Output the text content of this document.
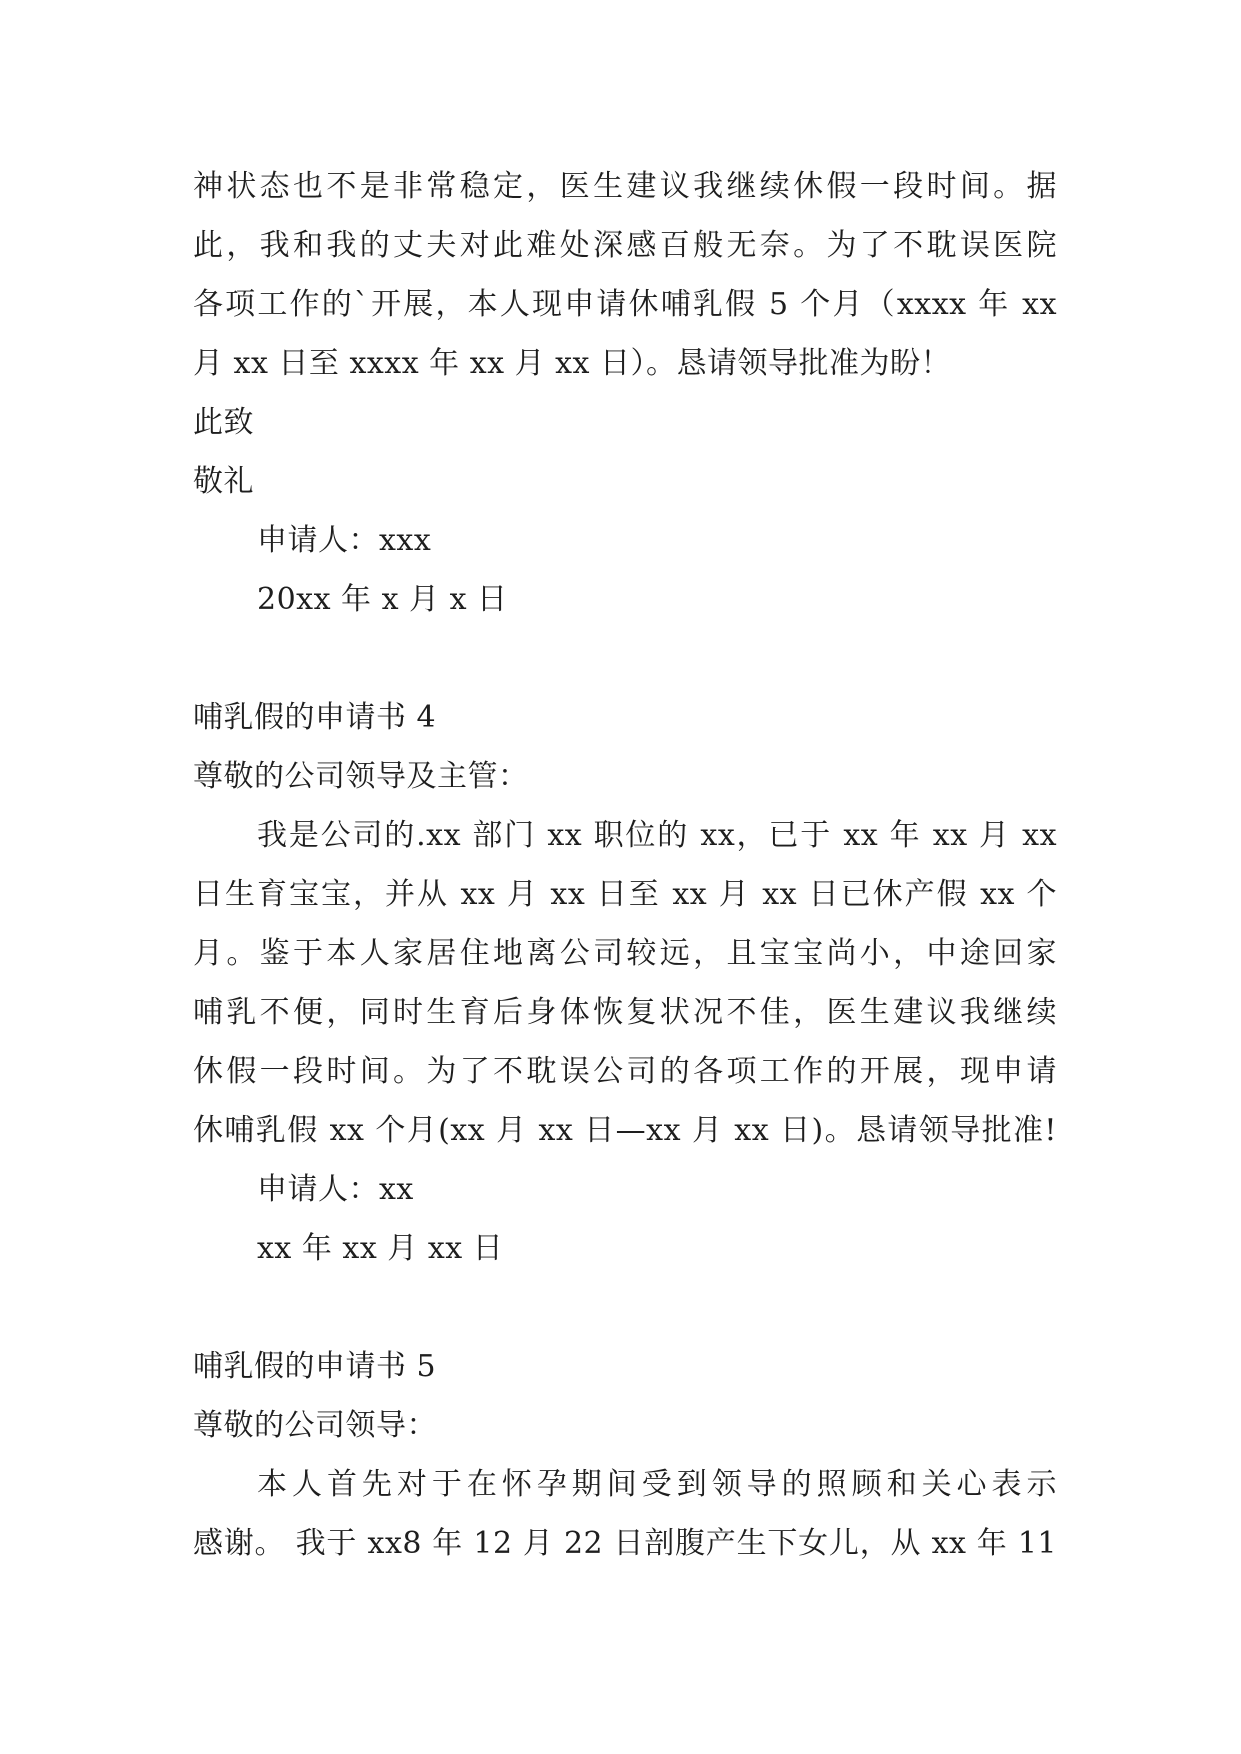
神状态也不是非常稳定，医生建议我继续休假一段时间。据
此，我和我的丈夫对此难处深感百般无奈。为了不耽误医院
各项工作的`开展，本人现申请休哺乳假 5 个月（xxxx 年 xx
月 xx 日至 xxxx 年 xx 月 xx 日）。恳请领导批准为盼！
此致
敬礼
申请人：xxx
20xx 年 x 月 x 日
哺乳假的申请书 4
尊敬的公司领导及主管：
我是公司的.xx 部门 xx 职位的 xx，已于 xx 年 xx 月 xx
日生育宝宝，并从 xx 月 xx 日至 xx 月 xx 日已休产假 xx 个
月。鉴于本人家居住地离公司较远，且宝宝尚小，中途回家
哺乳不便，同时生育后身体恢复状况不佳，医生建议我继续
休假一段时间。为了不耽误公司的各项工作的开展，现申请
休哺乳假 xx 个月(xx 月 xx 日—xx 月 xx 日)。恳请领导批准!
申请人：xx
xx 年 xx 月 xx 日
哺乳假的申请书 5
尊敬的公司领导：
本人首先对于在怀孕期间受到领导的照顾和关心表示
感谢。 我于 xx8 年 12 月 22 日剖腹产生下女儿，从 xx 年 11
